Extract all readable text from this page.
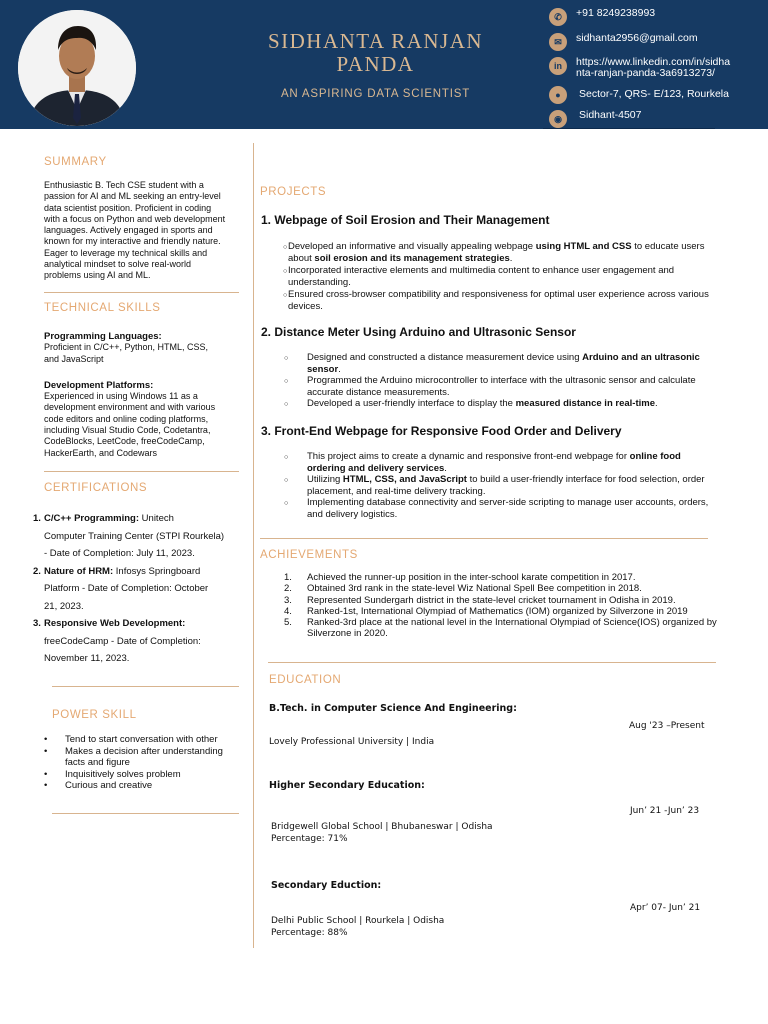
SIDHANTA RANJAN
PANDA
AN ASPIRING DATA SCIENTIST
✆	+91 8249238993
✉	sidhanta2956@gmail.com
in	https://www.linkedin.com/in/sidha
nta-ranjan-panda-3a6913273/
●	Sector-7, QRS- E/123, Rourkela
◉	Sidhant-4507
SUMMARY
Enthusiastic B. Tech CSE student with a
passion for AI and ML seeking an entry-level
data scientist position. Proficient in coding
with a focus on Python and web development
languages. Actively engaged in sports and
known for my interactive and friendly nature.
Eager to leverage my technical skills and
analytical mindset to solve real-world
problems using AI and ML.
TECHNICAL SKILLS
Programming Languages:
Proficient in C/C++, Python, HTML, CSS,
and JavaScript
Development Platforms:
Experienced in using Windows 11 as a
development environment and with various
code editors and online coding platforms,
including Visual Studio Code, Codetantra,
CodeBlocks, LeetCode, freeCodeCamp,
HackerEarth, and Codewars
CERTIFICATIONS
1. C/C++ Programming: Unitech
Computer Training Center (STPI Rourkela)
- Date of Completion: July 11, 2023.
2. Nature of HRM: Infosys Springboard
Platform - Date of Completion: October
21, 2023.
3. Responsive Web Development:
freeCodeCamp - Date of Completion:
November 11, 2023.
POWER SKILL
• Tend to start conversation with other
• Makes a decision after understanding facts and figure
• Inquisitively solves problem
• Curious and creative
PROJECTS
1. Webpage of Soil Erosion and Their Management
○ Developed an informative and visually appealing webpage using HTML and CSS to educate users about soil erosion and its management strategies.
○ Incorporated interactive elements and multimedia content to enhance user engagement and understanding.
○ Ensured cross-browser compatibility and responsiveness for optimal user experience across various devices.
2. Distance Meter Using Arduino and Ultrasonic Sensor
○ Designed and constructed a distance measurement device using Arduino and an ultrasonic sensor.
○ Programmed the Arduino microcontroller to interface with the ultrasonic sensor and calculate accurate distance measurements.
○ Developed a user-friendly interface to display the measured distance in real-time.
3. Front-End Webpage for Responsive Food Order and Delivery
○ This project aims to create a dynamic and responsive front-end webpage for online food ordering and delivery services.
○ Utilizing HTML, CSS, and JavaScript to build a user-friendly interface for food selection, order placement, and real-time delivery tracking.
○ Implementing database connectivity and server-side scripting to manage user accounts, orders, and delivery logistics.
ACHIEVEMENTS
1. Achieved the runner-up position in the inter-school karate competition in 2017.
2. Obtained 3rd rank in the state-level Wiz National Spell Bee competition in 2018.
3. Represented Sundergarh district in the state-level cricket tournament in Odisha in 2019.
4. Ranked-1st, International Olympiad of Mathematics (IOM) organized by Silverzone in 2019
5. Ranked-3rd place at the national level in the International Olympiad of Science(IOS) organized by Silverzone in 2020.
EDUCATION
B.Tech. in Computer Science And Engineering:
Aug '23 –Present
Lovely Professional University | India
Higher Secondary Education:
Jun’ 21 -Jun’ 23
Bridgewell Global School | Bhubaneswar | Odisha
Percentage: 71%
Secondary Eduction:
Apr’ 07- Jun’ 21
Delhi Public School | Rourkela | Odisha
Percentage: 88%
